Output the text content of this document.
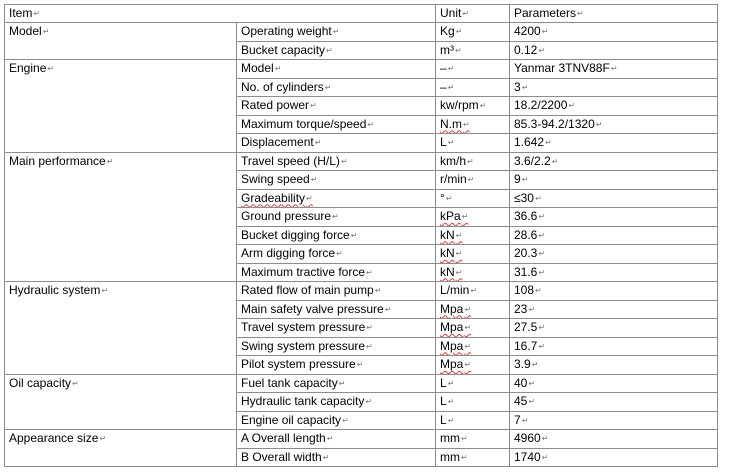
Item ↵		Unit ↵	Parameters ↵
Model ↵	Operating weight ↵	Kg ↵	4200 ↵
	Bucket capacity ↵	m³ ↵	0.12 ↵
Engine ↵	Model ↵	– ↵	Yanmar 3TNV88F ↵
	No. of cylinders ↵	– ↵	3 ↵
	Rated power ↵	kw/rpm ↵	18.2/2200 ↵
	Maximum torque/speed ↵	N.m ↵	85.3-94.2/1320 ↵
	Displacement ↵	L ↵	1.642 ↵
Main performance ↵	Travel speed (H/L) ↵	km/h ↵	3.6/2.2 ↵
	Swing speed ↵	r/min ↵	9 ↵
	Gradeability ↵	° ↵	≤30 ↵
	Ground pressure ↵	kPa ↵	36.6 ↵
	Bucket digging force ↵	kN ↵	28.6 ↵
	Arm digging force ↵	kN ↵	20.3 ↵
	Maximum tractive force ↵	kN ↵	31.6 ↵
Hydraulic system ↵	Rated flow of main pump ↵	L/min ↵	108 ↵
	Main safety valve pressure ↵	Mpa ↵	23 ↵
	Travel system pressure ↵	Mpa ↵	27.5 ↵
	Swing system pressure ↵	Mpa ↵	16.7 ↵
	Pilot system pressure ↵	Mpa ↵	3.9 ↵
Oil capacity ↵	Fuel tank capacity ↵	L ↵	40 ↵
	Hydraulic tank capacity ↵	L ↵	45 ↵
	Engine oil capacity ↵	L ↵	7 ↵
Appearance size ↵	A Overall length ↵	mm ↵	4960 ↵
	B Overall width ↵	mm ↵	1740 ↵
